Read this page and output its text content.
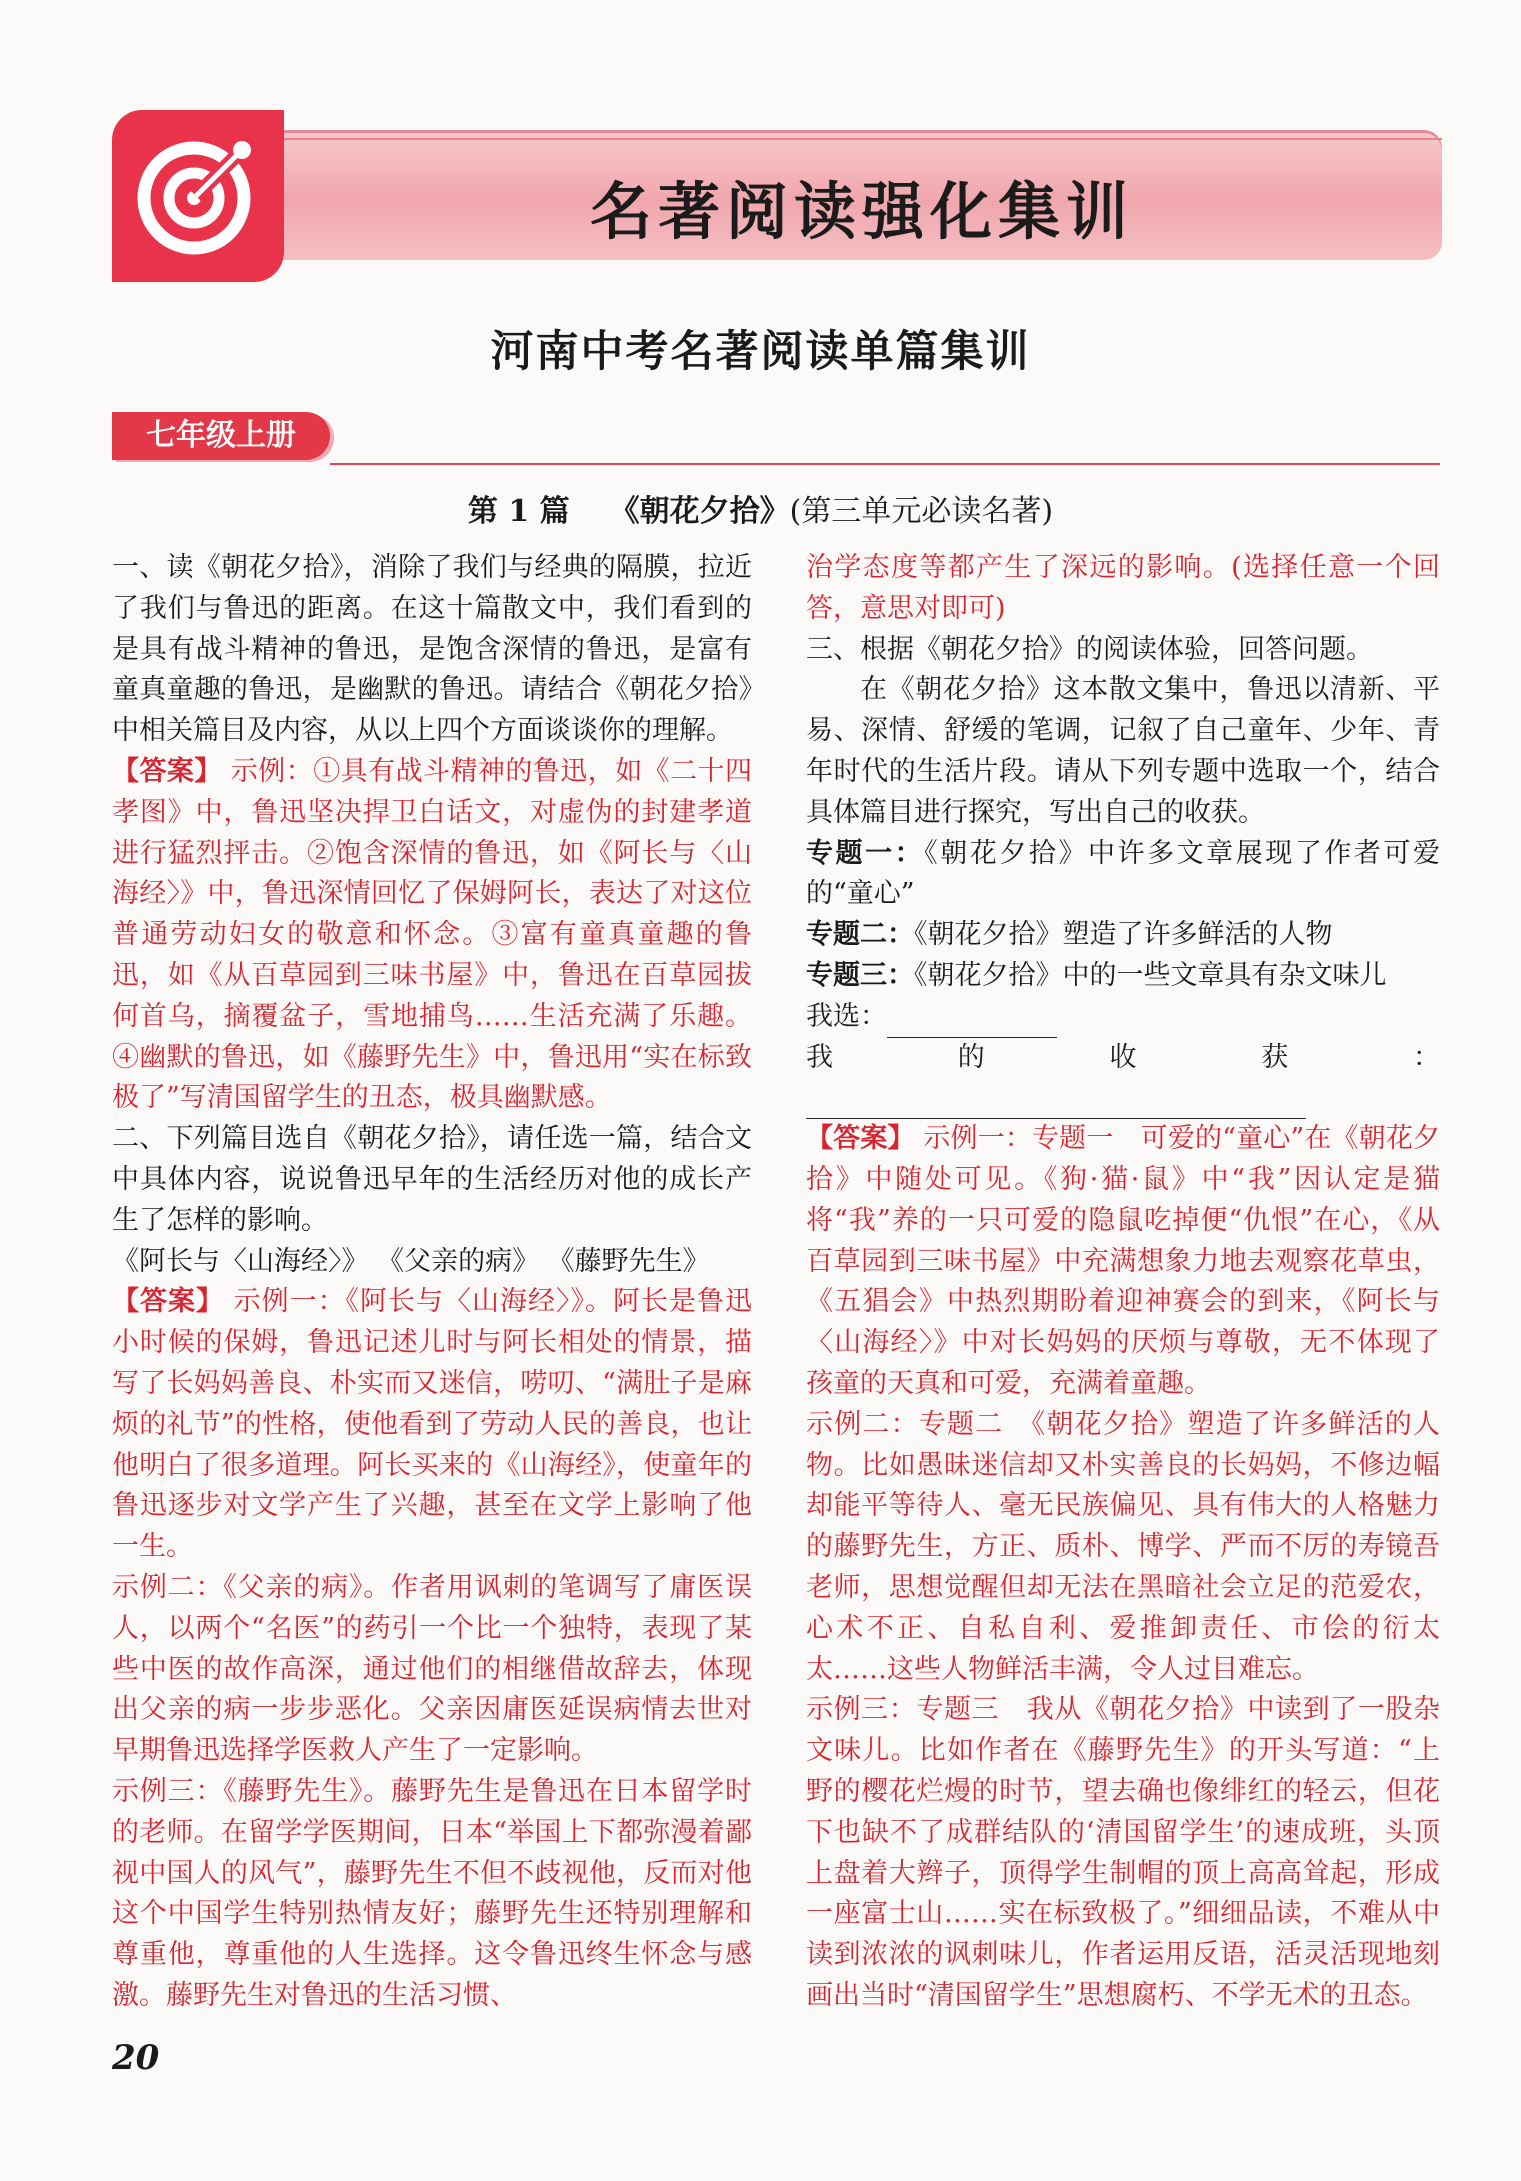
名著阅读强化集训
河南中考名著阅读单篇集训
七年级上册
第 1 篇 《朝花夕拾》(第三单元必读名著)

一、读《朝花夕拾》，消除了我们与经典的隔膜，拉近了我们与鲁迅的距离。在这十篇散文中，我们看到的是具有战斗精神的鲁迅，是饱含深情的鲁迅，是富有童真童趣的鲁迅，是幽默的鲁迅。请结合《朝花夕拾》中相关篇目及内容，从以上四个方面谈谈你的理解。

【答案】 示例：①具有战斗精神的鲁迅，如《二十四孝图》中，鲁迅坚决捍卫白话文，对虚伪的封建孝道进行猛烈抨击。②饱含深情的鲁迅，如《阿长与〈山海经〉》中，鲁迅深情回忆了保姆阿长，表达了对这位普通劳动妇女的敬意和怀念。③富有童真童趣的鲁迅，如《从百草园到三味书屋》中，鲁迅在百草园拔何首乌，摘覆盆子，雪地捕鸟……生活充满了乐趣。④幽默的鲁迅，如《藤野先生》中，鲁迅用“实在标致极了”写清国留学生的丑态，极具幽默感。

二、下列篇目选自《朝花夕拾》，请任选一篇，结合文中具体内容，说说鲁迅早年的生活经历对他的成长产生了怎样的影响。

《阿长与〈山海经〉》 《父亲的病》 《藤野先生》

【答案】 示例一：《阿长与〈山海经〉》。阿长是鲁迅小时候的保姆，鲁迅记述儿时与阿长相处的情景，描写了长妈妈善良、朴实而又迷信，唠叨、“满肚子是麻烦的礼节”的性格，使他看到了劳动人民的善良，也让他明白了很多道理。阿长买来的《山海经》，使童年的鲁迅逐步对文学产生了兴趣，甚至在文学上影响了他一生。

示例二：《父亲的病》。作者用讽刺的笔调写了庸医误人，以两个“名医”的药引一个比一个独特，表现了某些中医的故作高深，通过他们的相继借故辞去，体现出父亲的病一步步恶化。父亲因庸医延误病情去世对早期鲁迅选择学医救人产生了一定影响。

示例三：《藤野先生》。藤野先生是鲁迅在日本留学时的老师。在留学学医期间，日本“举国上下都弥漫着鄙视中国人的风气”，藤野先生不但不歧视他，反而对他这个中国学生特别热情友好；藤野先生还特别理解和尊重他，尊重他的人生选择。这令鲁迅终生怀念与感激。藤野先生对鲁迅的生活习惯、

治学态度等都产生了深远的影响。(选择任意一个回答，意思对即可)

三、根据《朝花夕拾》的阅读体验，回答问题。

在《朝花夕拾》这本散文集中，鲁迅以清新、平易、深情、舒缓的笔调，记叙了自己童年、少年、青年时代的生活片段。请从下列专题中选取一个，结合具体篇目进行探究，写出自己的收获。

专题一：《朝花夕拾》中许多文章展现了作者可爱的“童心”

专题二：《朝花夕拾》塑造了许多鲜活的人物

专题三：《朝花夕拾》中的一些文章具有杂文味儿

我选：

我的收获：

【答案】 示例一：专题一　可爱的“童心”在《朝花夕拾》中随处可见。《狗·猫·鼠》中“我”因认定是猫将“我”养的一只可爱的隐鼠吃掉便“仇恨”在心，《从百草园到三味书屋》中充满想象力地去观察花草虫，《五猖会》中热烈期盼着迎神赛会的到来，《阿长与〈山海经〉》中对长妈妈的厌烦与尊敬，无不体现了孩童的天真和可爱，充满着童趣。

示例二：专题二　《朝花夕拾》塑造了许多鲜活的人物。比如愚昧迷信却又朴实善良的长妈妈，不修边幅却能平等待人、毫无民族偏见、具有伟大的人格魅力的藤野先生，方正、质朴、博学、严而不厉的寿镜吾老师，思想觉醒但却无法在黑暗社会立足的范爱农，心术不正、自私自利、爱推卸责任、市侩的衍太太……这些人物鲜活丰满，令人过目难忘。

示例三：专题三　我从《朝花夕拾》中读到了一股杂文味儿。比如作者在《藤野先生》的开头写道：“上野的樱花烂熳的时节，望去确也像绯红的轻云，但花下也缺不了成群结队的‘清国留学生’的速成班，头顶上盘着大辫子，顶得学生制帽的顶上高高耸起，形成一座富士山……实在标致极了。”细细品读，不难从中读到浓浓的讽刺味儿，作者运用反语，活灵活现地刻画出当时“清国留学生”思想腐朽、不学无术的丑态。

20
